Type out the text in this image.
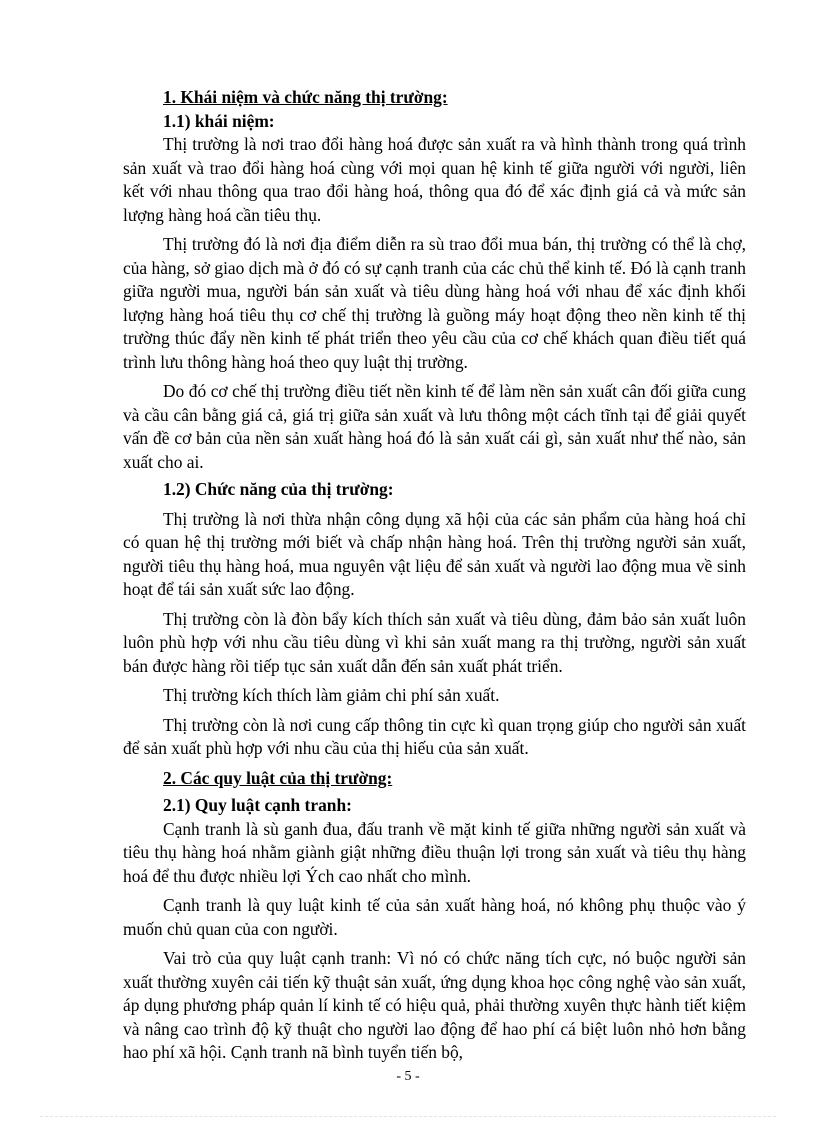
1. Khái niệm và chức năng thị trường:
1.1) khái niệm:

Thị trường là nơi trao đổi hàng hoá được sản xuất ra và hình thành trong quá trình sản xuất và trao đổi hàng hoá cùng với mọi quan hệ kinh tế giữa người với người, liên kết với nhau thông qua trao đổi hàng hoá, thông qua đó để xác định giá cả và mức sản lượng hàng hoá cần tiêu thụ.

Thị trường đó là nơi địa điểm diễn ra sù trao đổi mua bán, thị trường có thể là chợ, của hàng, sở giao dịch mà ở đó có sự cạnh tranh của các chủ thể kinh tế. Đó là cạnh tranh giữa người mua, người bán sản xuất và tiêu dùng hàng hoá với nhau để xác định khối lượng hàng hoá tiêu thụ cơ chế thị trường là guồng máy hoạt động theo nền kinh tế thị trường thúc đẩy nền kinh tế phát triển theo yêu cầu của cơ chế khách quan điều tiết quá trình lưu thông hàng hoá theo quy luật thị trường.

Do đó cơ chế thị trường điều tiết nền kinh tế để làm nền sản xuất cân đối giữa cung và cầu cân bằng giá cả, giá trị giữa sản xuất và lưu thông một cách tĩnh tại để giải quyết vấn đề cơ bản của nền sản xuất hàng hoá đó là sản xuất cái gì, sản xuất như thế nào, sản xuất cho ai.

1.2) Chức năng của thị trường:

Thị trường là nơi thừa nhận công dụng xã hội của các sản phẩm của hàng hoá chỉ có quan hệ thị trường mới biết và chấp nhận hàng hoá. Trên thị trường người sản xuất, người tiêu thụ hàng hoá, mua nguyên vật liệu để sản xuất và người lao động mua về sinh hoạt để tái sản xuất sức lao động.

Thị trường còn là đòn bẩy kích thích sản xuất và tiêu dùng, đảm bảo sản xuất luôn luôn phù hợp với nhu cầu tiêu dùng vì khi sản xuất mang ra thị trường, người sản xuất bán được hàng rồi tiếp tục sản xuất dẫn đến sản xuất phát triển.

Thị trường kích thích làm giảm chi phí sản xuất.

Thị trường còn là nơi cung cấp thông tin cực kì quan trọng giúp cho người sản xuất để sản xuất phù hợp với nhu cầu của thị hiếu của sản xuất.

2. Các quy luật của thị trường:
2.1) Quy luật cạnh tranh:

Cạnh tranh là sù ganh đua, đấu tranh về mặt kinh tế giữa những người sản xuất và tiêu thụ hàng hoá nhằm giành giật những điều thuận lợi trong sản xuất và tiêu thụ hàng hoá để thu được nhiều lợi Ých cao nhất cho mình.

Cạnh tranh là quy luật kinh tế của sản xuất hàng hoá, nó không phụ thuộc vào ý muốn chủ quan của con người.

Vai trò của quy luật cạnh tranh: Vì nó có chức năng tích cực, nó buộc người sản xuất thường xuyên cải tiến kỹ thuật sản xuất, ứng dụng khoa học công nghệ vào sản xuất, áp dụng phương pháp quản lí kinh tế có hiệu quả, phải thường xuyên thực hành tiết kiệm và nâng cao trình độ kỹ thuật cho người lao động để hao phí cá biệt luôn nhỏ hơn bằng hao phí xã hội. Cạnh tranh nã bình tuyển tiến bộ,

- 5 -
